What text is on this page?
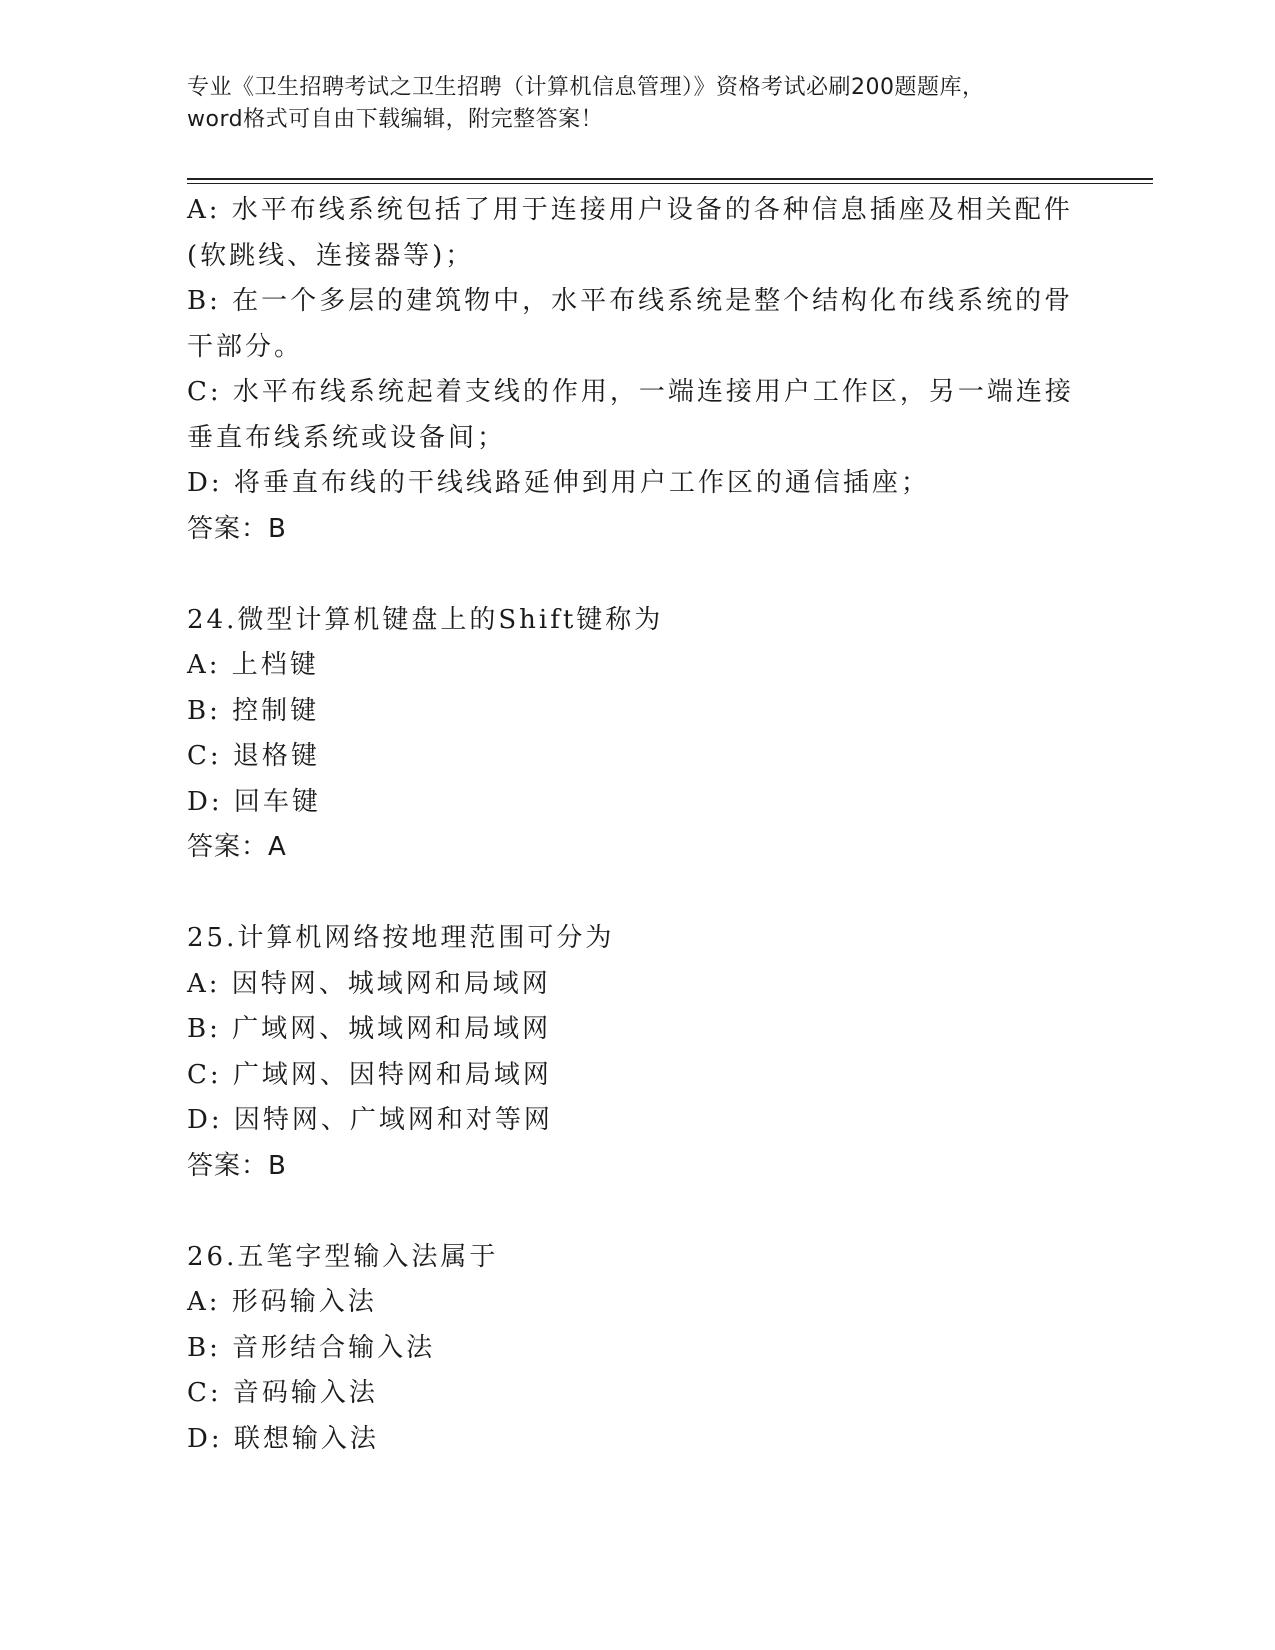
专业《卫生招聘考试之卫生招聘（计算机信息管理）》资格考试必刷200题题库，
word格式可自由下载编辑，附完整答案！
A: 水平布线系统包括了用于连接用户设备的各种信息插座及相关配件
(软跳线、连接器等)；
B: 在一个多层的建筑物中，水平布线系统是整个结构化布线系统的骨
干部分。
C: 水平布线系统起着支线的作用，一端连接用户工作区，另一端连接
垂直布线系统或设备间；
D: 将垂直布线的干线线路延伸到用户工作区的通信插座；
答案：B
24.微型计算机键盘上的Shift键称为
A: 上档键
B: 控制键
C: 退格键
D: 回车键
答案：A
25.计算机网络按地理范围可分为
A: 因特网、城域网和局域网
B: 广域网、城域网和局域网
C: 广域网、因特网和局域网
D: 因特网、广域网和对等网
答案：B
26.五笔字型输入法属于
A: 形码输入法
B: 音形结合输入法
C: 音码输入法
D: 联想输入法
